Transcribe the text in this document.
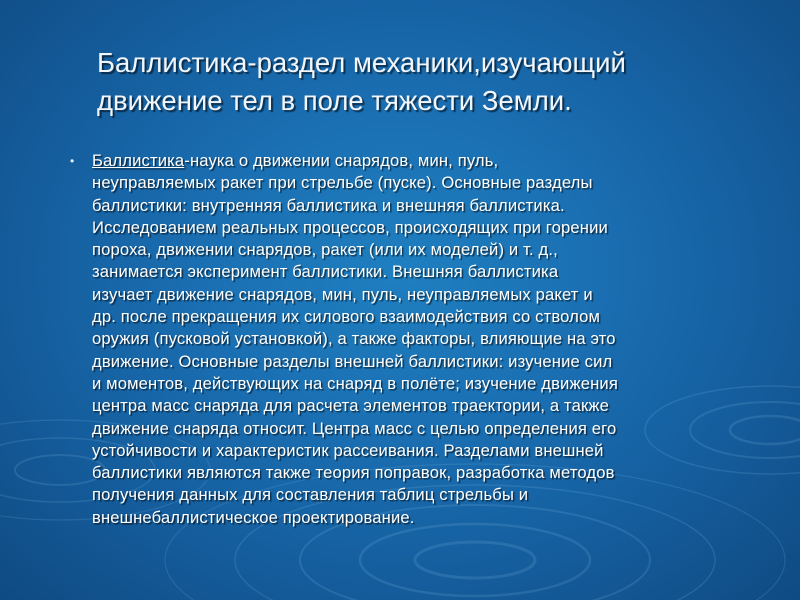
Баллистика-раздел механики,изучающий
движение тел в поле тяжести Земли.
• Баллистика-наука о движении снарядов, мин, пуль,
неуправляемых ракет при стрельбе (пуске). Основные разделы
баллистики: внутренняя баллистика и внешняя баллистика.
Исследованием реальных процессов, происходящих при горении
пороха, движении снарядов, ракет (или их моделей) и т. д.,
занимается эксперимент баллистики. Внешняя баллистика
изучает движение снарядов, мин, пуль, неуправляемых ракет и
др. после прекращения их силового взаимодействия со стволом
оружия (пусковой установкой), а также факторы, влияющие на это
движение. Основные разделы внешней баллистики: изучение сил
и моментов, действующих на снаряд в полёте; изучение движения
центра масс снаряда для расчета элементов траектории, а также
движение снаряда относит. Центра масс с целью определения его
устойчивости и характеристик рассеивания. Разделами внешней
баллистики являются также теория поправок, разработка методов
получения данных для составления таблиц стрельбы и
внешнебаллистическое проектирование.
